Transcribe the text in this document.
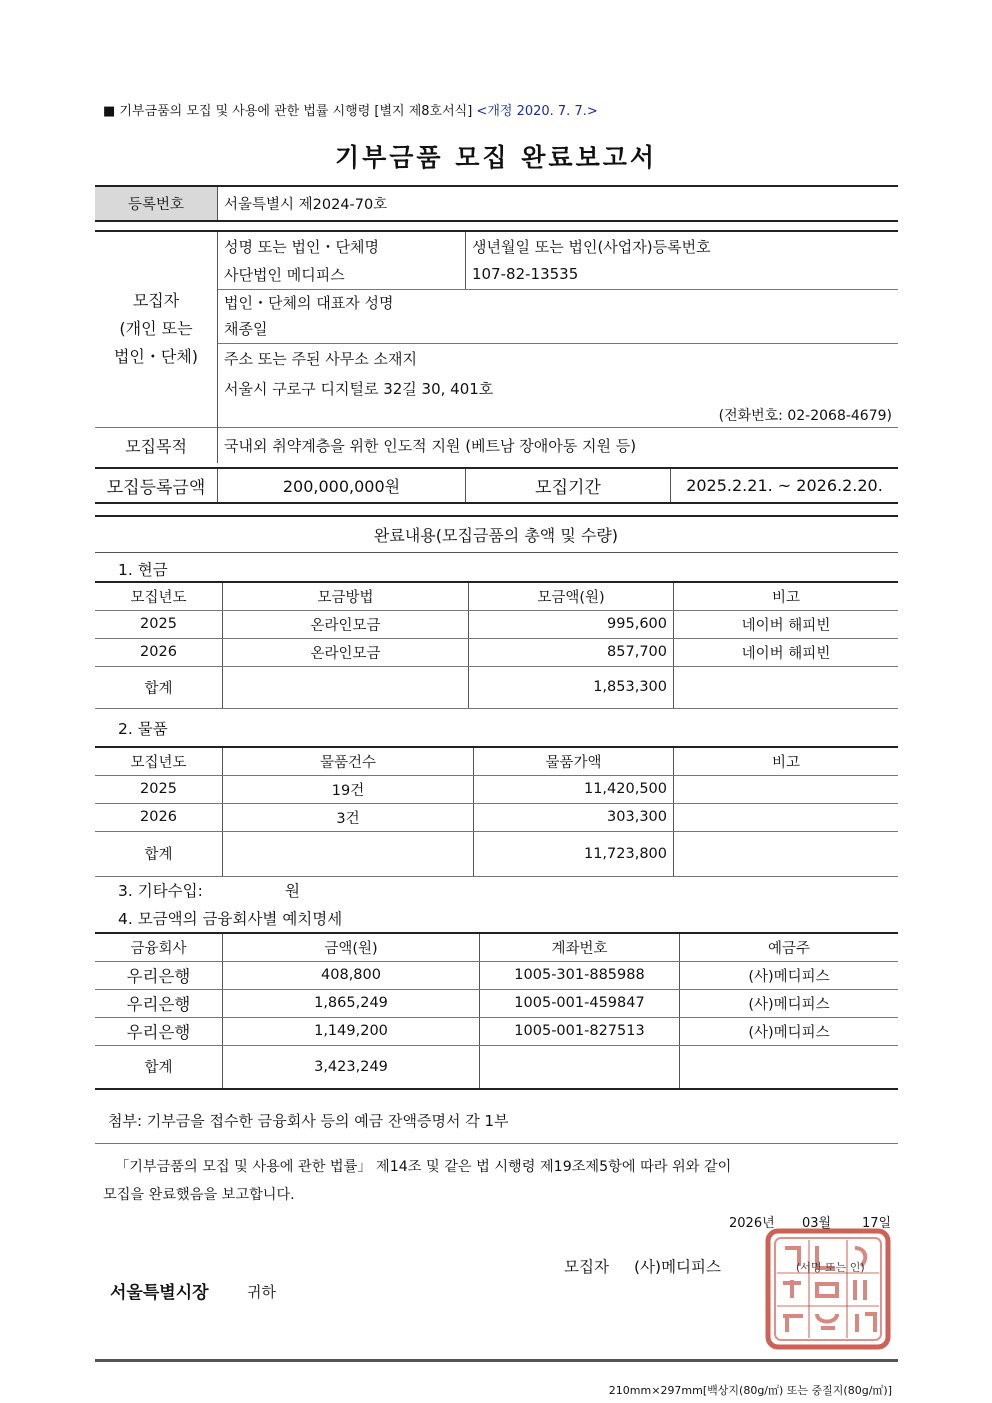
■ 기부금품의 모집 및 사용에 관한 법률 시행령 [별지 제8호서식] <개정 2020. 7. 7.>
기부금품 모집 완료보고서
등록번호	서울특별시 제2024-70호
모집자
(개인 또는
법인・단체)	성명 또는 법인・단체명	생년월일 또는 법인(사업자)등록번호
	사단법인 메디피스	107-82-13535
	법인・단체의 대표자 성명	
	채종일	
	주소 또는 주된 사무소 소재지	

	서울시 구로구 디지털로 32길 30, 401호
(전화번호: 02-2068-4679)	

모집목적	국내외 취약계층을 위한 인도적 지원 (베트남 장애아동 지원 등)	
모집등록금액	200,000,000원	모집기간	2025.2.21. ~ 2026.2.20.
완료내용(모집금품의 총액 및 수량)
1. 현금
모집년도	모금방법	모금액(원)	비고
2025	온라인모금	995,600	네이버 해피빈
2026	온라인모금	857,700	네이버 해피빈
합계		1,853,300	
2. 물품
모집년도	물품건수	물품가액	비고
2025	19건	11,420,500	
2026	3건	303,300	
합계		11,723,800	
3. 기타수입:	원
4. 모금액의 금융회사별 예치명세
금융회사	금액(원)	계좌번호	예금주
우리은행	408,800	1005-301-885988	(사)메디피스
우리은행	1,865,249	1005-001-459847	(사)메디피스
우리은행	1,149,200	1005-001-827513	(사)메디피스
합계	3,423,249		
첨부: 기부금을 접수한 금융회사 등의 예금 잔액증명서 각 1부
「기부금품의 모집 및 사용에 관한 법률」 제14조 및 같은 법 시행령 제19조제5항에 따라 위와 같이
모집을 완료했음을 보고합니다.
2026년 03월 17일
모집자 (사)메디피스	(서명 또는 인)
서울특별시장	귀하
210mm×297mm[백상지(80g/㎡) 또는 중질지(80g/㎡)]
